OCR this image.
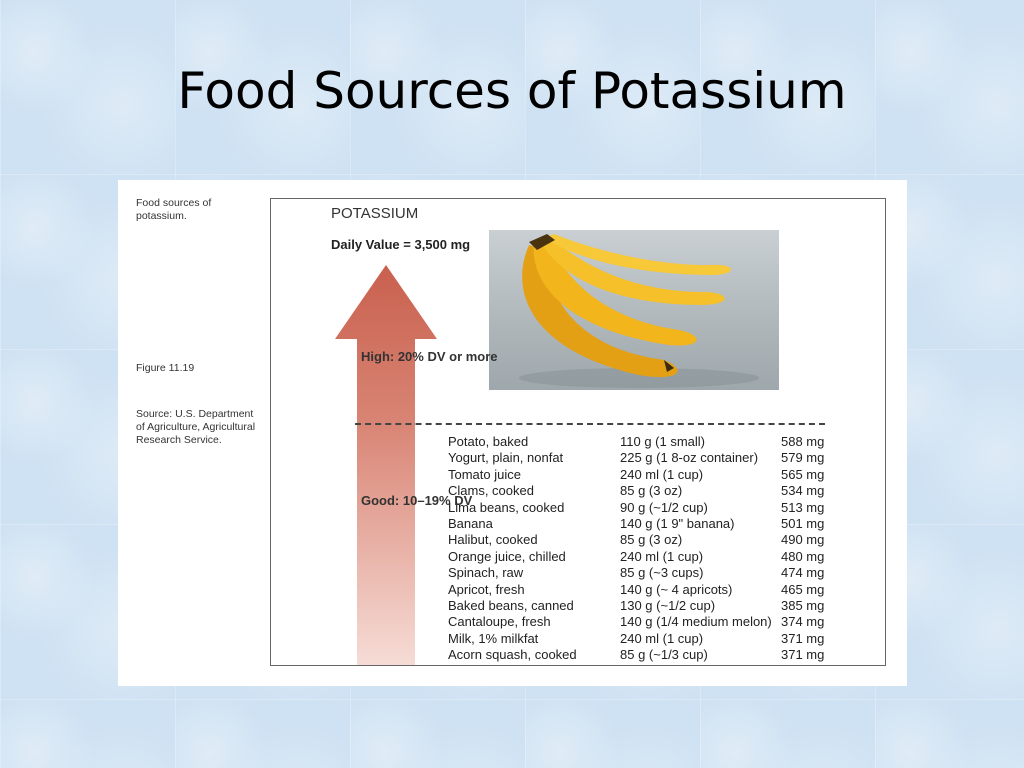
Food Sources of Potassium
Food sources of potassium.
Figure 11.19
Source: U.S. Department of Agriculture, Agricultural Research Service.
POTASSIUM
Daily Value = 3,500 mg
High: 20% DV or more
Good: 10–19% DV
Potato, baked	110 g (1 small)	588 mg
Yogurt, plain, nonfat	225 g (1 8-oz container) 579 mg
Tomato juice	240 ml (1 cup)	565 mg
Clams, cooked	85 g (3 oz)	534 mg
Lima beans, cooked	90 g (~1/2 cup)	513 mg
Banana	140 g (1 9" banana)	501 mg
Halibut, cooked	85 g (3 oz)	490 mg
Orange juice, chilled	240 ml (1 cup)	480 mg
Spinach, raw	85 g (~3 cups)	474 mg
Apricot, fresh	140 g (~ 4 apricots)	465 mg
Baked beans, canned	130 g (~1/2 cup)	385 mg
Cantaloupe, fresh	140 g (1/4 medium melon) 374 mg
Milk, 1% milkfat	240 ml (1 cup)	371 mg
Acorn squash, cooked	85 g (~1/3 cup)	371 mg
